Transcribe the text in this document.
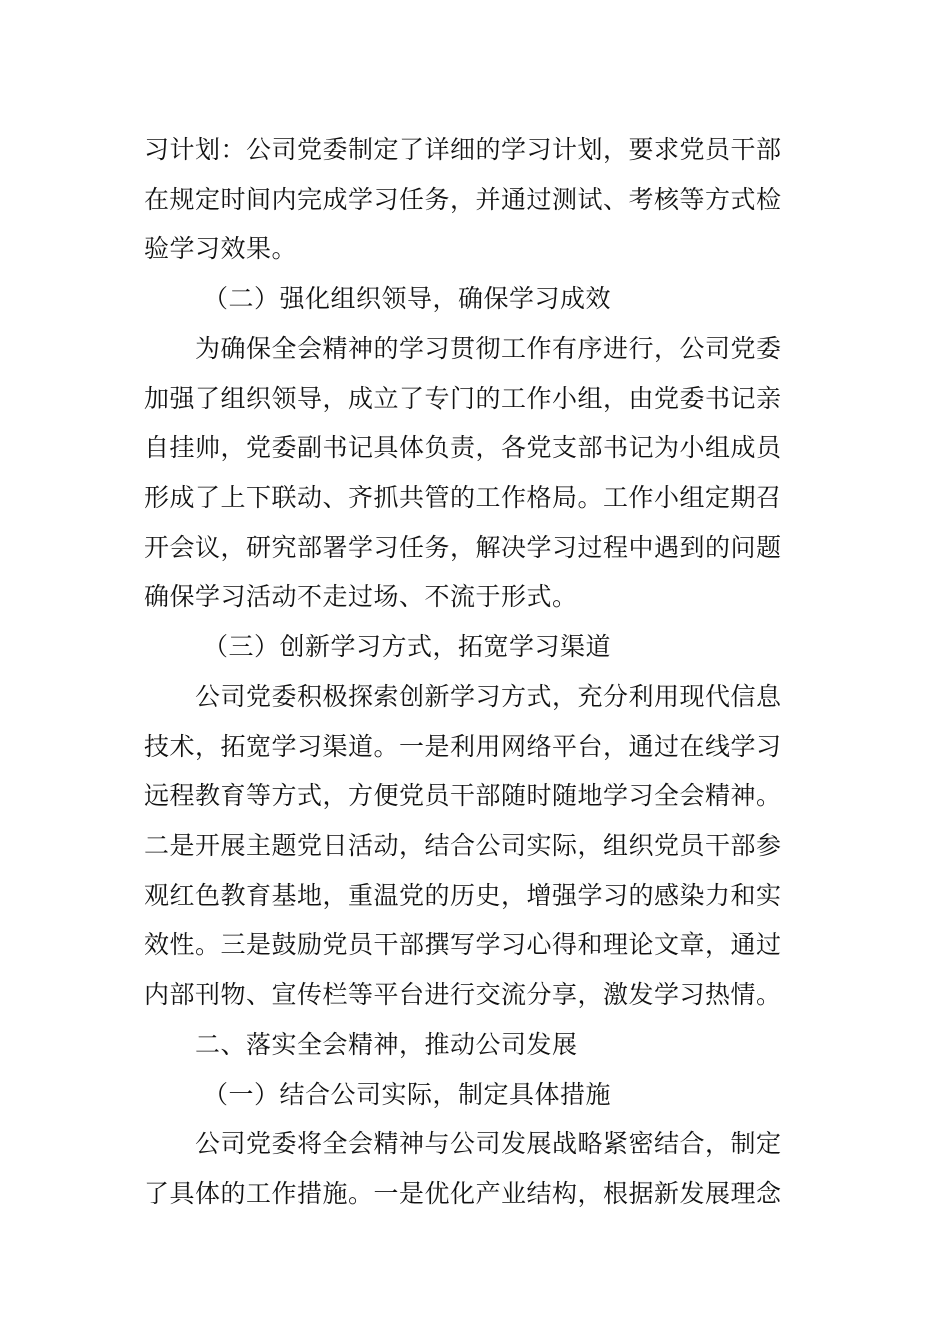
习计划：公司党委制定了详细的学习计划，要求党员干部
在规定时间内完成学习任务，并通过测试、考核等方式检
验学习效果。
（二）强化组织领导，确保学习成效
为确保全会精神的学习贯彻工作有序进行，公司党委
加强了组织领导，成立了专门的工作小组，由党委书记亲
自挂帅，党委副书记具体负责，各党支部书记为小组成员
形成了上下联动、齐抓共管的工作格局。工作小组定期召
开会议，研究部署学习任务，解决学习过程中遇到的问题
确保学习活动不走过场、不流于形式。
（三）创新学习方式，拓宽学习渠道
公司党委积极探索创新学习方式，充分利用现代信息
技术，拓宽学习渠道。一是利用网络平台，通过在线学习
远程教育等方式，方便党员干部随时随地学习全会精神。
二是开展主题党日活动，结合公司实际，组织党员干部参
观红色教育基地，重温党的历史，增强学习的感染力和实
效性。三是鼓励党员干部撰写学习心得和理论文章，通过
内部刊物、宣传栏等平台进行交流分享，激发学习热情。
二、落实全会精神，推动公司发展
（一）结合公司实际，制定具体措施
公司党委将全会精神与公司发展战略紧密结合，制定
了具体的工作措施。一是优化产业结构，根据新发展理念
